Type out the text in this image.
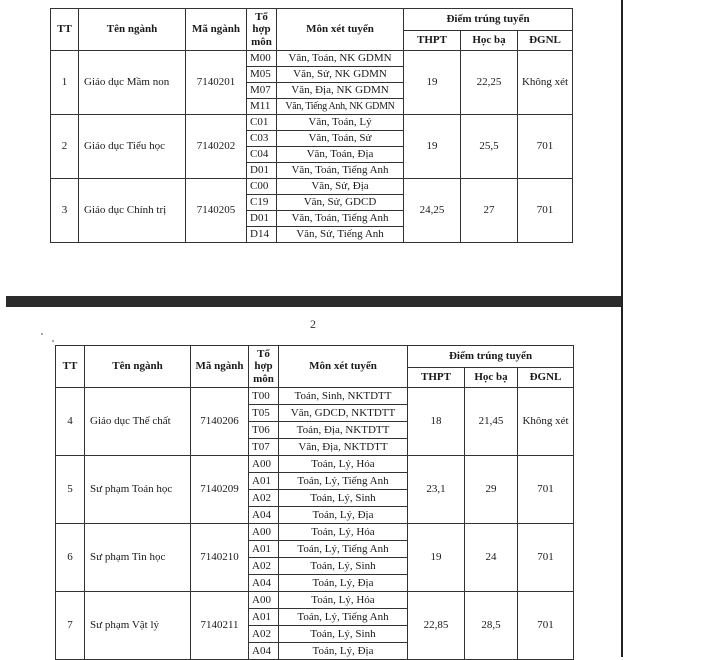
TT	Tên ngành	Mã ngành	Tổ hợp môn	Môn xét tuyển	Điểm trúng tuyển		
					THPT	Học bạ	ĐGNL
1	Giáo dục Mầm non	7140201	M00	Văn, Toán, NK GDMN	19	22,25	Không xét
			M05	Văn, Sử, NK GDMN			
			M07	Văn, Địa, NK GDMN			
			M11	Văn, Tiếng Anh, NK GDMN			
2	Giáo dục Tiểu học	7140202	C01	Văn, Toán, Lý	19	25,5	701
			C03	Văn, Toán, Sử			
			C04	Văn, Toán, Địa			
			D01	Văn, Toán, Tiếng Anh			
3	Giáo dục Chính trị	7140205	C00	Văn, Sử, Địa	24,25	27	701
			C19	Văn, Sử, GDCD			
			D01	Văn, Toán, Tiếng Anh			
			D14	Văn, Sử, Tiếng Anh			
2
TT	Tên ngành	Mã ngành	Tổ hợp môn	Môn xét tuyển	Điểm trúng tuyển		
					THPT	Học bạ	ĐGNL
4	Giáo dục Thể chất	7140206	T00	Toán, Sinh, NKTDTT	18	21,45	Không xét
			T05	Văn, GDCD, NKTDTT			
			T06	Toán, Địa, NKTDTT			
			T07	Văn, Địa, NKTDTT			
5	Sư phạm Toán học	7140209	A00	Toán, Lý, Hóa	23,1	29	701
			A01	Toán, Lý, Tiếng Anh			
			A02	Toán, Lý, Sinh			
			A04	Toán, Lý, Địa			
6	Sư phạm Tin học	7140210	A00	Toán, Lý, Hóa	19	24	701
			A01	Toán, Lý, Tiếng Anh			
			A02	Toán, Lý, Sinh			
			A04	Toán, Lý, Địa			
7	Sư phạm Vật lý	7140211	A00	Toán, Lý, Hóa	22,85	28,5	701
			A01	Toán, Lý, Tiếng Anh			
			A02	Toán, Lý, Sinh			
			A04	Toán, Lý, Địa			
